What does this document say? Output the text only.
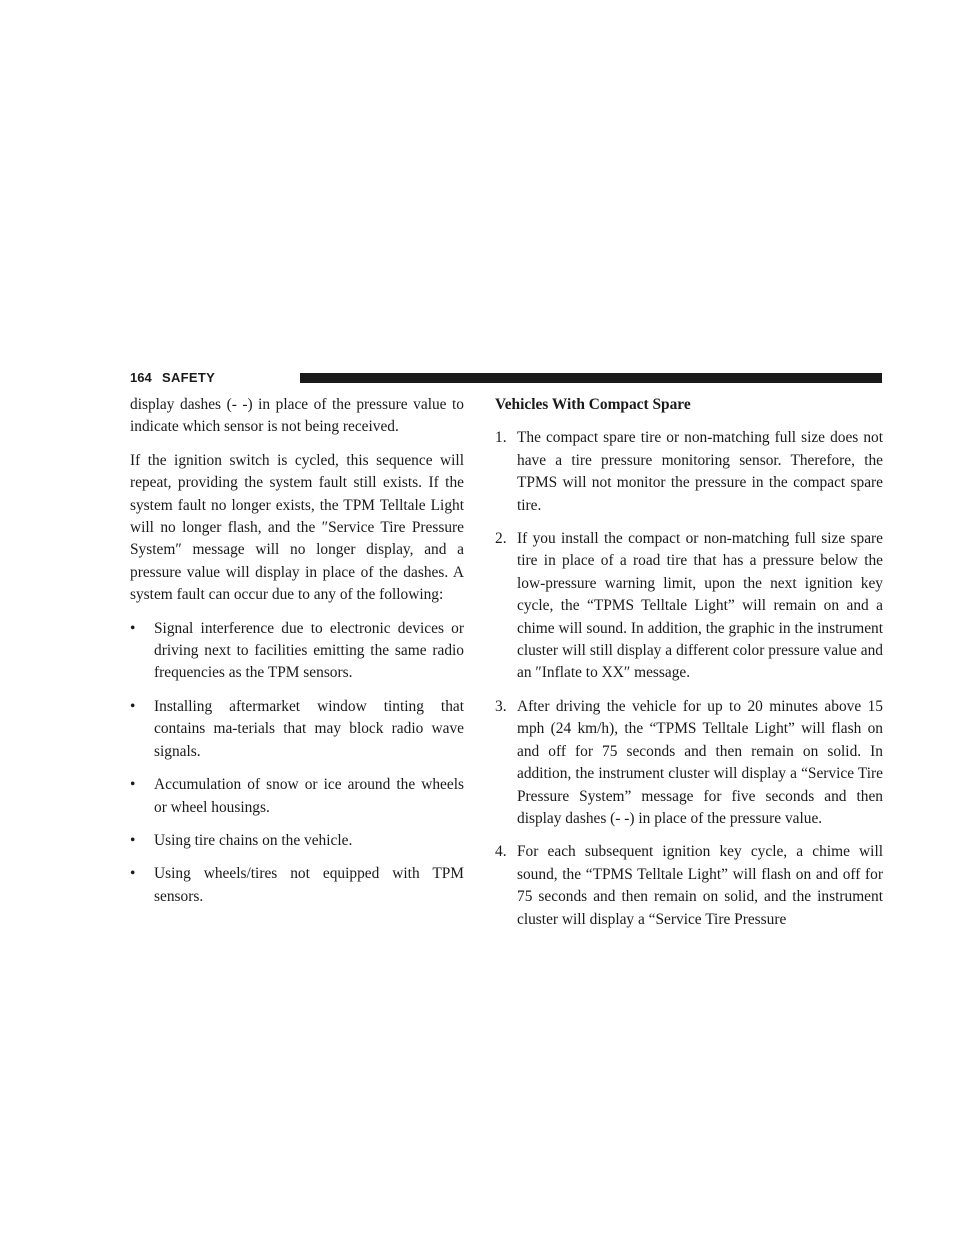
164 SAFETY

display dashes (- -) in place of the pressure value to indicate which sensor is not being received.

If the ignition switch is cycled, this sequence will repeat, providing the system fault still exists. If the system fault no longer exists, the TPM Telltale Light will no longer flash, and the ″Service Tire Pressure System″ message will no longer display, and a pressure value will display in place of the dashes. A system fault can occur due to any of the following:

•	Signal interference due to electronic devices or driving next to facilities emitting the same radio frequencies as the TPM sensors.
•	Installing aftermarket window tinting that contains ma-terials that may block radio wave signals.
•	Accumulation of snow or ice around the wheels or wheel housings.
•	Using tire chains on the vehicle.
•	Using wheels/tires not equipped with TPM sensors.

Vehicles With Compact Spare

1. The compact spare tire or non-matching full size does not have a tire pressure monitoring sensor. Therefore, the TPMS will not monitor the pressure in the compact spare tire.
2. If you install the compact or non-matching full size spare tire in place of a road tire that has a pressure below the low-pressure warning limit, upon the next ignition key cycle, the “TPMS Telltale Light” will remain on and a chime will sound. In addition, the graphic in the instrument cluster will still display a different color pressure value and an ″Inflate to XX″ message.
3. After driving the vehicle for up to 20 minutes above 15 mph (24 km/h), the “TPMS Telltale Light” will flash on and off for 75 seconds and then remain on solid. In addition, the instrument cluster will display a “Service Tire Pressure System” message for five seconds and then display dashes (- -) in place of the pressure value.
4. For each subsequent ignition key cycle, a chime will sound, the “TPMS Telltale Light” will flash on and off for 75 seconds and then remain on solid, and the instrument cluster will display a “Service Tire Pressure
